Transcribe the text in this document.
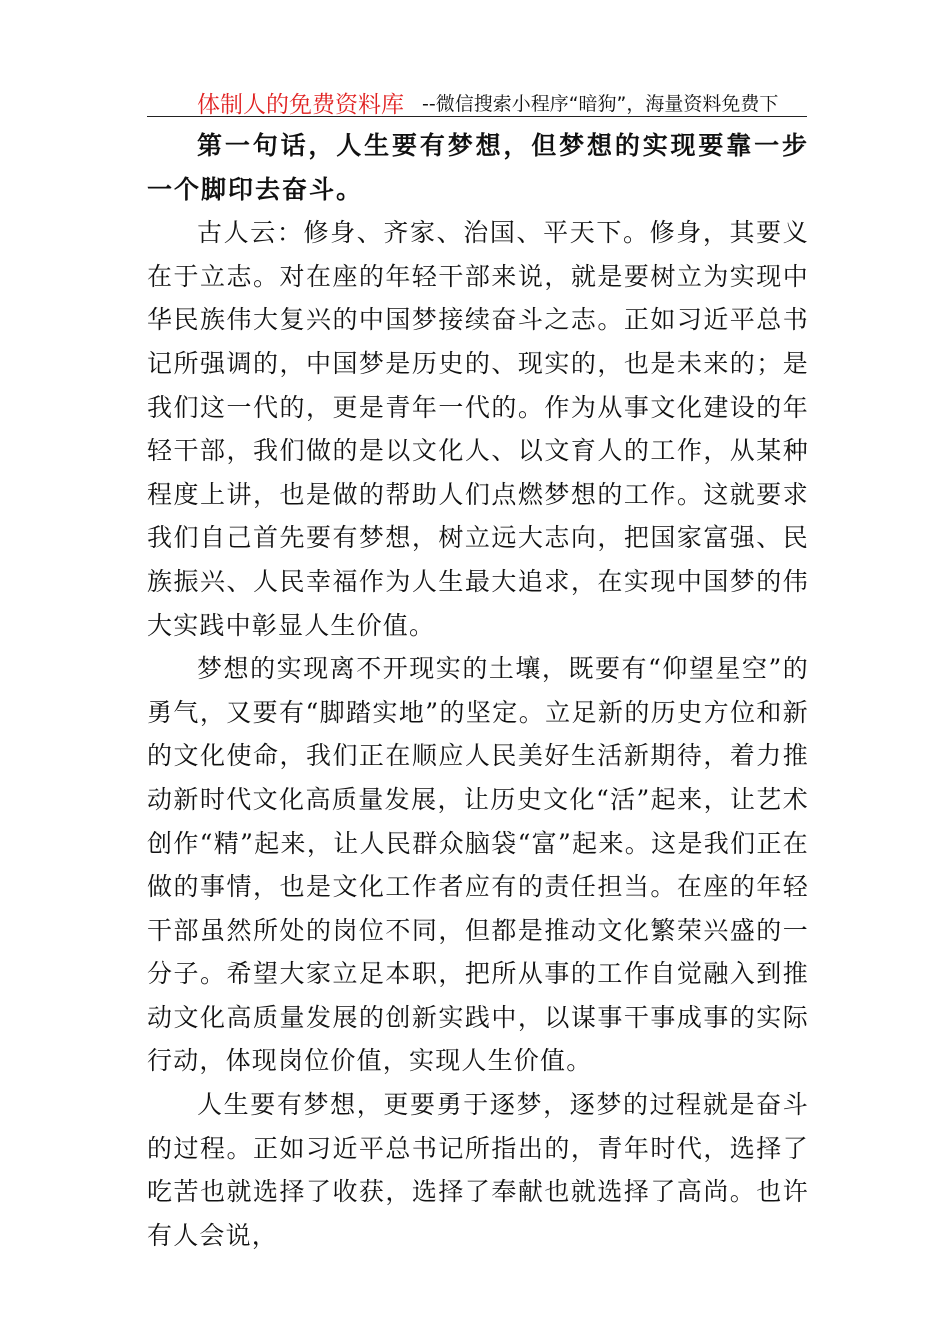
体制人的免费资料库 --微信搜索小程序“暗狗”，海量资料免费下

第一句话，人生要有梦想，但梦想的实现要靠一步一个脚印去奋斗。

古人云：修身、齐家、治国、平天下。修身，其要义在于立志。对在座的年轻干部来说，就是要树立为实现中华民族伟大复兴的中国梦接续奋斗之志。正如习近平总书记所强调的，中国梦是历史的、现实的，也是未来的；是我们这一代的，更是青年一代的。作为从事文化建设的年轻干部，我们做的是以文化人、以文育人的工作，从某种程度上讲，也是做的帮助人们点燃梦想的工作。这就要求我们自己首先要有梦想，树立远大志向，把国家富强、民族振兴、人民幸福作为人生最大追求，在实现中国梦的伟大实践中彰显人生价值。

梦想的实现离不开现实的土壤，既要有“仰望星空”的勇气，又要有“脚踏实地”的坚定。立足新的历史方位和新的文化使命，我们正在顺应人民美好生活新期待，着力推动新时代文化高质量发展，让历史文化“活”起来，让艺术创作“精”起来，让人民群众脑袋“富”起来。这是我们正在做的事情，也是文化工作者应有的责任担当。在座的年轻干部虽然所处的岗位不同，但都是推动文化繁荣兴盛的一分子。希望大家立足本职，把所从事的工作自觉融入到推动文化高质量发展的创新实践中，以谋事干事成事的实际行动，体现岗位价值，实现人生价值。

人生要有梦想，更要勇于逐梦，逐梦的过程就是奋斗的过程。正如习近平总书记所指出的，青年时代，选择了吃苦也就选择了收获，选择了奉献也就选择了高尚。也许有人会说，
